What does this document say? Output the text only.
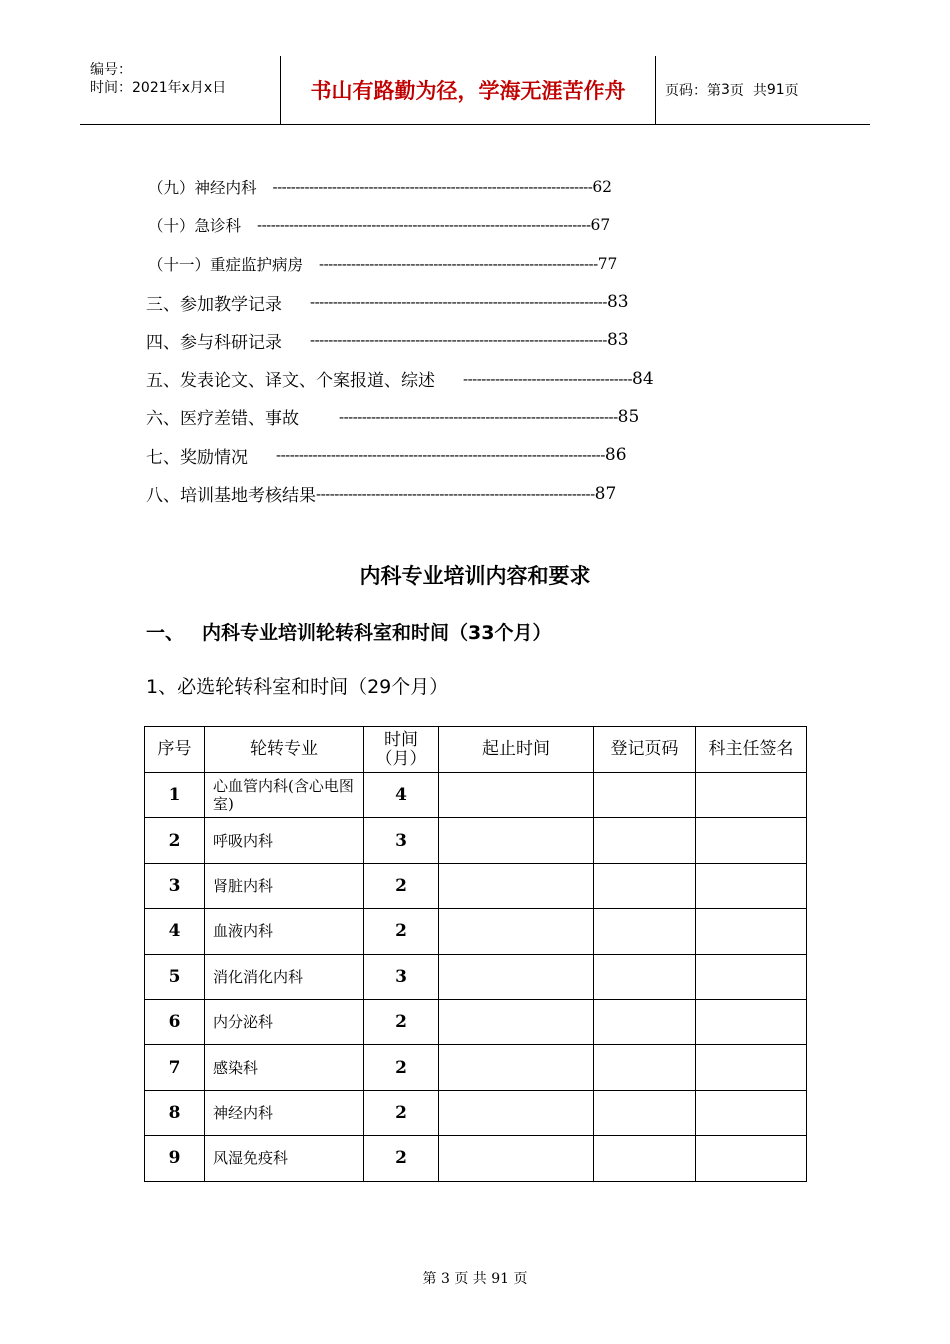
编号：
时间：2021年x月x日	书山有路勤为径，学海无涯苦作舟	页码：第 3 页  共 91 页
（九）神经内科 ---------------------------------------------------------------------- 62
（十）急诊科 ------------------------------------------------------------------------- 67
（十一）重症监护病房 ------------------------------------------------------------- 77
三、参加教学记录 ----------------------------------------------------------------- 83
四、参与科研记录 ----------------------------------------------------------------- 83
五、发表论文、译文、个案报道、综述 ------------------------------------- 84
六、医疗差错、事故	------------------------------------------------------------- 85
七、奖励情况 ------------------------------------------------------------------------ 86
八、培训基地考核结果 ------------------------------------------------------------- 87
内科专业培训内容和要求
一、 内科专业培训轮转科室和时间（33个月）
1、必选轮转科室和时间（29个月）
序号	轮转专业	时间（月）	起止时间	登记页码	科主任签名
1	心血管内科(含心电图室)	4			
2	呼吸内科	3			
3	肾脏内科	2			
4	血液内科	2			
5	消化消化内科	3			
6	内分泌科	2			
7	感染科	2			
8	神经内科	2			
9	风湿免疫科	2			
第 3 页 共 91 页
